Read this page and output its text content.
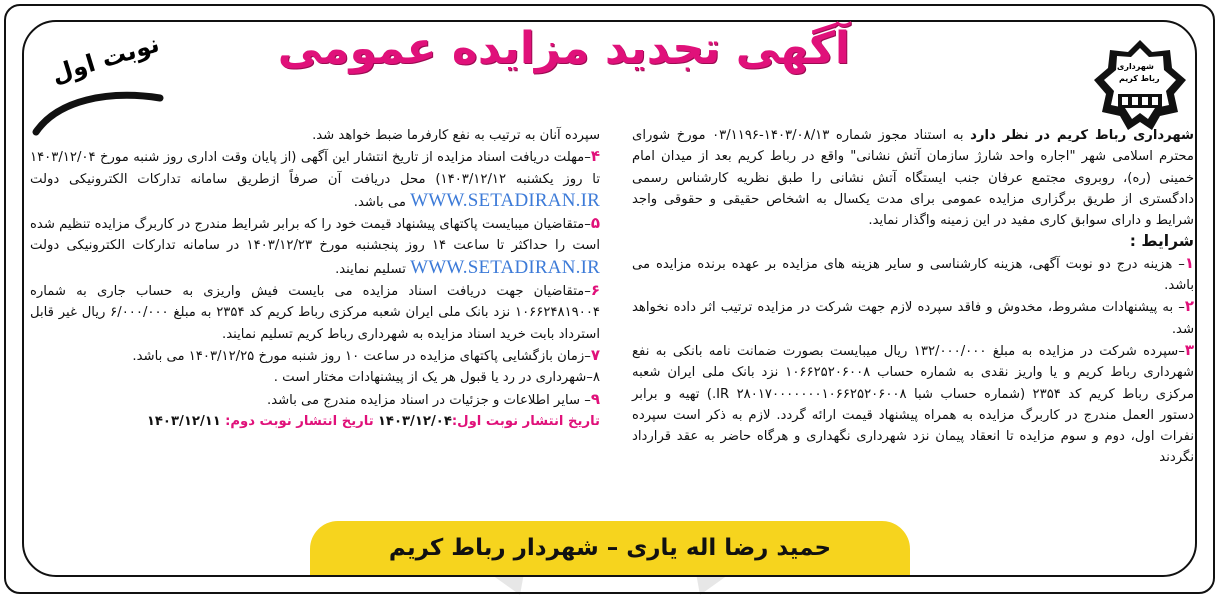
شهرداری
رباط کریم
آگهی تجدید مزایده عمومی
نوبت اول

شهرداری رباط کریم در نظر دارد به استناد مجوز شماره ۱۴۰۳/۰۸/۱۳-۰۳/۱۱۹۶ مورخ شورای محترم اسلامی شهر "اجاره واحد شارژ سازمان آتش نشانی" واقع در رباط کریم بعد از میدان امام خمینی (ره)، روبروی مجتمع عرفان جنب ایستگاه آتش نشانی را طبق نظریه کارشناس رسمی دادگستری از طریق برگزاری مزایده عمومی برای مدت یکسال به اشخاص حقیقی و حقوقی واجد شرایط و دارای سوابق کاری مفید در این زمینه واگذار نماید.

شرایط :

۱– هزینه درج دو نوبت آگهی، هزینه کارشناسی و سایر هزینه های مزایده بر عهده برنده مزایده می باشد.

۲– به پیشنهادات مشروط، مخدوش و فاقد سپرده لازم جهت شرکت در مزایده ترتیب اثر داده نخواهد شد.

۳–سپرده شرکت در مزایده به مبلغ ۱۳۲/۰۰۰/۰۰۰ ریال میبایست بصورت ضمانت نامه بانکی به نفع شهرداری رباط کریم و یا واریز نقدی به شماره حساب ۱۰۶۶۲۵۲۰۶۰۰۸ نزد بانک ملی ایران شعبه مرکزی رباط کریم کد ۲۳۵۴ (شماره حساب شبا IR ۲۸۰۱۷۰۰۰۰۰۰۰۱۰۶۶۲۵۲۰۶۰۰۸.) تهیه و برابر دستور العمل مندرج در کاربرگ مزایده به همراه پیشنهاد قیمت ارائه گردد. لازم به ذکر است سپرده نفرات اول، دوم و سوم مزایده تا انعقاد پیمان نزد شهرداری نگهداری و هرگاه حاضر به عقد قرارداد نگردند

سپرده آنان به ترتیب به نفع کارفرما ضبط خواهد شد.

۴–مهلت دریافت اسناد مزایده از تاریخ انتشار این آگهی (از پایان وقت اداری روز شنبه مورخ ۱۴۰۳/۱۲/۰۴ تا روز یکشنبه ۱۴۰۳/۱۲/۱۲) محل دریافت آن صرفاً ازطریق سامانه تدارکات الکترونیکی دولت WWW.SETADIRAN.IR می باشد.

۵–متقاضیان میبایست پاکتهای پیشنهاد قیمت خود را که برابر شرایط مندرج در کاربرگ مزایده تنظیم شده است را حداکثر تا ساعت ۱۴ روز پنجشنبه مورخ ۱۴۰۳/۱۲/۲۳ در سامانه تدارکات الکترونیکی دولت WWW.SETADIRAN.IR تسلیم نمایند.

۶–متقاضیان جهت دریافت اسناد مزایده می بایست فیش واریزی به حساب جاری به شماره ۱۰۶۶۲۴۸۱۹۰۰۴ نزد بانک ملی ایران شعبه مرکزی رباط کریم کد ۲۳۵۴ به مبلغ ۶/۰۰۰/۰۰۰ ریال غیر قابل استرداد بابت خرید اسناد مزایده به شهرداری رباط کریم تسلیم نمایند.

۷–زمان بازگشایی پاکتهای مزایده در ساعت ۱۰ روز شنبه مورخ ۱۴۰۳/۱۲/۲۵ می باشد.

۸–شهرداری در رد یا قبول هر یک از پیشنهادات مختار است .

۹– سایر اطلاعات و جزئیات در اسناد مزایده مندرج می باشد.

تاریخ انتشار نوبت اول:۱۴۰۳/۱۲/۰۴ تاریخ انتشار نوبت دوم: ۱۴۰۳/۱۲/۱۱

حمید رضا اله یاری – شهردار رباط کریم
